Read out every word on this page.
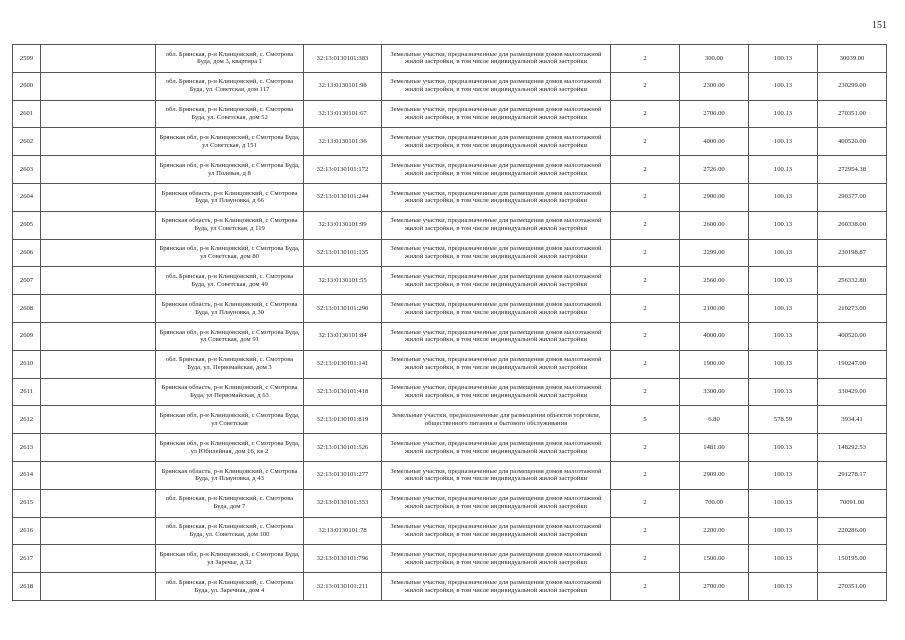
151
2599		обл. Брянская, р-н Клинцовский, с. Смотрова Буда, дом 3, квартира 1	32:13:0130101:383	Земельные участки, предназначенные для размещения домов малоэтажной жилой застройки, в том числе индивидуальной жилой застройки	2	300.00	100.13	30039.00
2600		обл. Брянская, р-н Клинцовский, с. Смотрова Буда, ул. Советская, дом 117	32:13:0130101:98	Земельные участки, предназначенные для размещения домов малоэтажной жилой застройки, в том числе индивидуальной жилой застройки	2	2300.00	100.13	230299.00
2601		обл. Брянская, р-н Клинцовский, с. Смотрова Буда, ул. Советская, дом 52	32:13:0130101:67	Земельные участки, предназначенные для размещения домов малоэтажной жилой застройки, в том числе индивидуальной жилой застройки	2	2700.00	100.13	270351.00
2602		Брянская обл, р-н Клинцовский, с Смотрова Буда, ул Советская, д 151	32:13:0130101:36	Земельные участки, предназначенные для размещения домов малоэтажной жилой застройки, в том числе индивидуальной жилой застройки	2	4000.00	100.13	400520.00
2603		Брянская обл, р-н Клинцовский, с Смотрова Буда, ул Полевая, д 8	32:13:0130101:172	Земельные участки, предназначенные для размещения домов малоэтажной жилой застройки, в том числе индивидуальной жилой застройки	2	2726.00	100.13	272954.38
2604		Брянская область, р-н Клинцовский, с Смотрова Буда, ул Плауновка, д 66	32:13:0130101:244	Земельные участки, предназначенные для размещения домов малоэтажной жилой застройки, в том числе индивидуальной жилой застройки	2	2900.00	100.13	290377.00
2605		Брянская область, р-н Клинцовский, с Смотрова Буда, ул Советская, д 119	32:13:0130101:99	Земельные участки, предназначенные для размещения домов малоэтажной жилой застройки, в том числе индивидуальной жилой застройки	2	2600.00	100.13	260338.00
2606		Брянская обл, р-н Клинцовский, с Смотрова Буда, ул Советская, дом 80	32:13:0130101:135	Земельные участки, предназначенные для размещения домов малоэтажной жилой застройки, в том числе индивидуальной жилой застройки	2	2299.00	100.13	230198.87
2607		обл. Брянская, р-н Клинцовский, с. Смотрова Буда, ул. Советская, дом 49	32:13:0130101:55	Земельные участки, предназначенные для размещения домов малоэтажной жилой застройки, в том числе индивидуальной жилой застройки	2	2560.00	100.13	256332.80
2608		Брянская область, р-н Клинцовский, с Смотрова Буда, ул Плауновка, д 30	32:13:0130101:290	Земельные участки, предназначенные для размещения домов малоэтажной жилой застройки, в том числе индивидуальной жилой застройки	2	2100.00	100.13	210273.00
2609		Брянская обл, р-н Клинцовский, с Смотрова Буда, ул Советская, дом 91	32:13:0130101:84	Земельные участки, предназначенные для размещения домов малоэтажной жилой застройки, в том числе индивидуальной жилой застройки	2	4000.00	100.13	400520.00
2610		обл. Брянская, р-н Клинцовский, с. Смотрова Буда, ул. Первомайская, дом 3	32:13:0130101:141	Земельные участки, предназначенные для размещения домов малоэтажной жилой застройки, в том числе индивидуальной жилой застройки	2	1900.00	100.13	190247.00
2611		Брянская область, р-н Клинцовский, с Смотрова Буда, ул Первомайская, д 63	32:13:0130101:418	Земельные участки, предназначенные для размещения домов малоэтажной жилой застройки, в том числе индивидуальной жилой застройки	2	3300.00	100.13	330429.00
2612		Брянская обл, р-н Клинцовский, с Смотрова Буда, ул Советская	32:13:0130101:819	Земельные участки, предназначенные для размещения объектов торговли, общественного питания и бытового обслуживания	5	6.80	578.59	3934.41
2613		Брянская обл, р-н Клинцовский, с Смотрова Буда, ул Юбилейная, дом 16, кв 2	32:13:0130101:526	Земельные участки, предназначенные для размещения домов малоэтажной жилой застройки, в том числе индивидуальной жилой застройки	2	1481.00	100.13	148292.53
2614		Брянская область, р-н Клинцовский, с Смотрова Буда, ул Плауновка, д 43	32:13:0130101:277	Земельные участки, предназначенные для размещения домов малоэтажной жилой застройки, в том числе индивидуальной жилой застройки	2	2909.00	100.13	291278.17
2615		обл. Брянская, р-н Клинцовский, с. Смотрова Буда, дом 7	32:13:0130101:353	Земельные участки, предназначенные для размещения домов малоэтажной жилой застройки, в том числе индивидуальной жилой застройки	2	700.00	100.13	70091.00
2616		обл. Брянская, р-н Клинцовский, с. Смотрова Буда, ул. Советская, дом 100	32:13:0130101:78	Земельные участки, предназначенные для размещения домов малоэтажной жилой застройки, в том числе индивидуальной жилой застройки	2	2200.00	100.13	220286.00
2617		Брянская обл, р-н Клинцовский, с Смотрова Буда, ул Заречье, д 32	32:13:0130101:796	Земельные участки, предназначенные для размещения домов малоэтажной жилой застройки, в том числе индивидуальной жилой застройки	2	1500.00	100.13	150195.00
2618		обл. Брянская, р-н Клинцовский, с. Смотрова Буда, ул. Заречная, дом 4	32:13:0130101:211	Земельные участки, предназначенные для размещения домов малоэтажной жилой застройки, в том числе индивидуальной жилой застройки	2	2700.00	100.13	270351.00
